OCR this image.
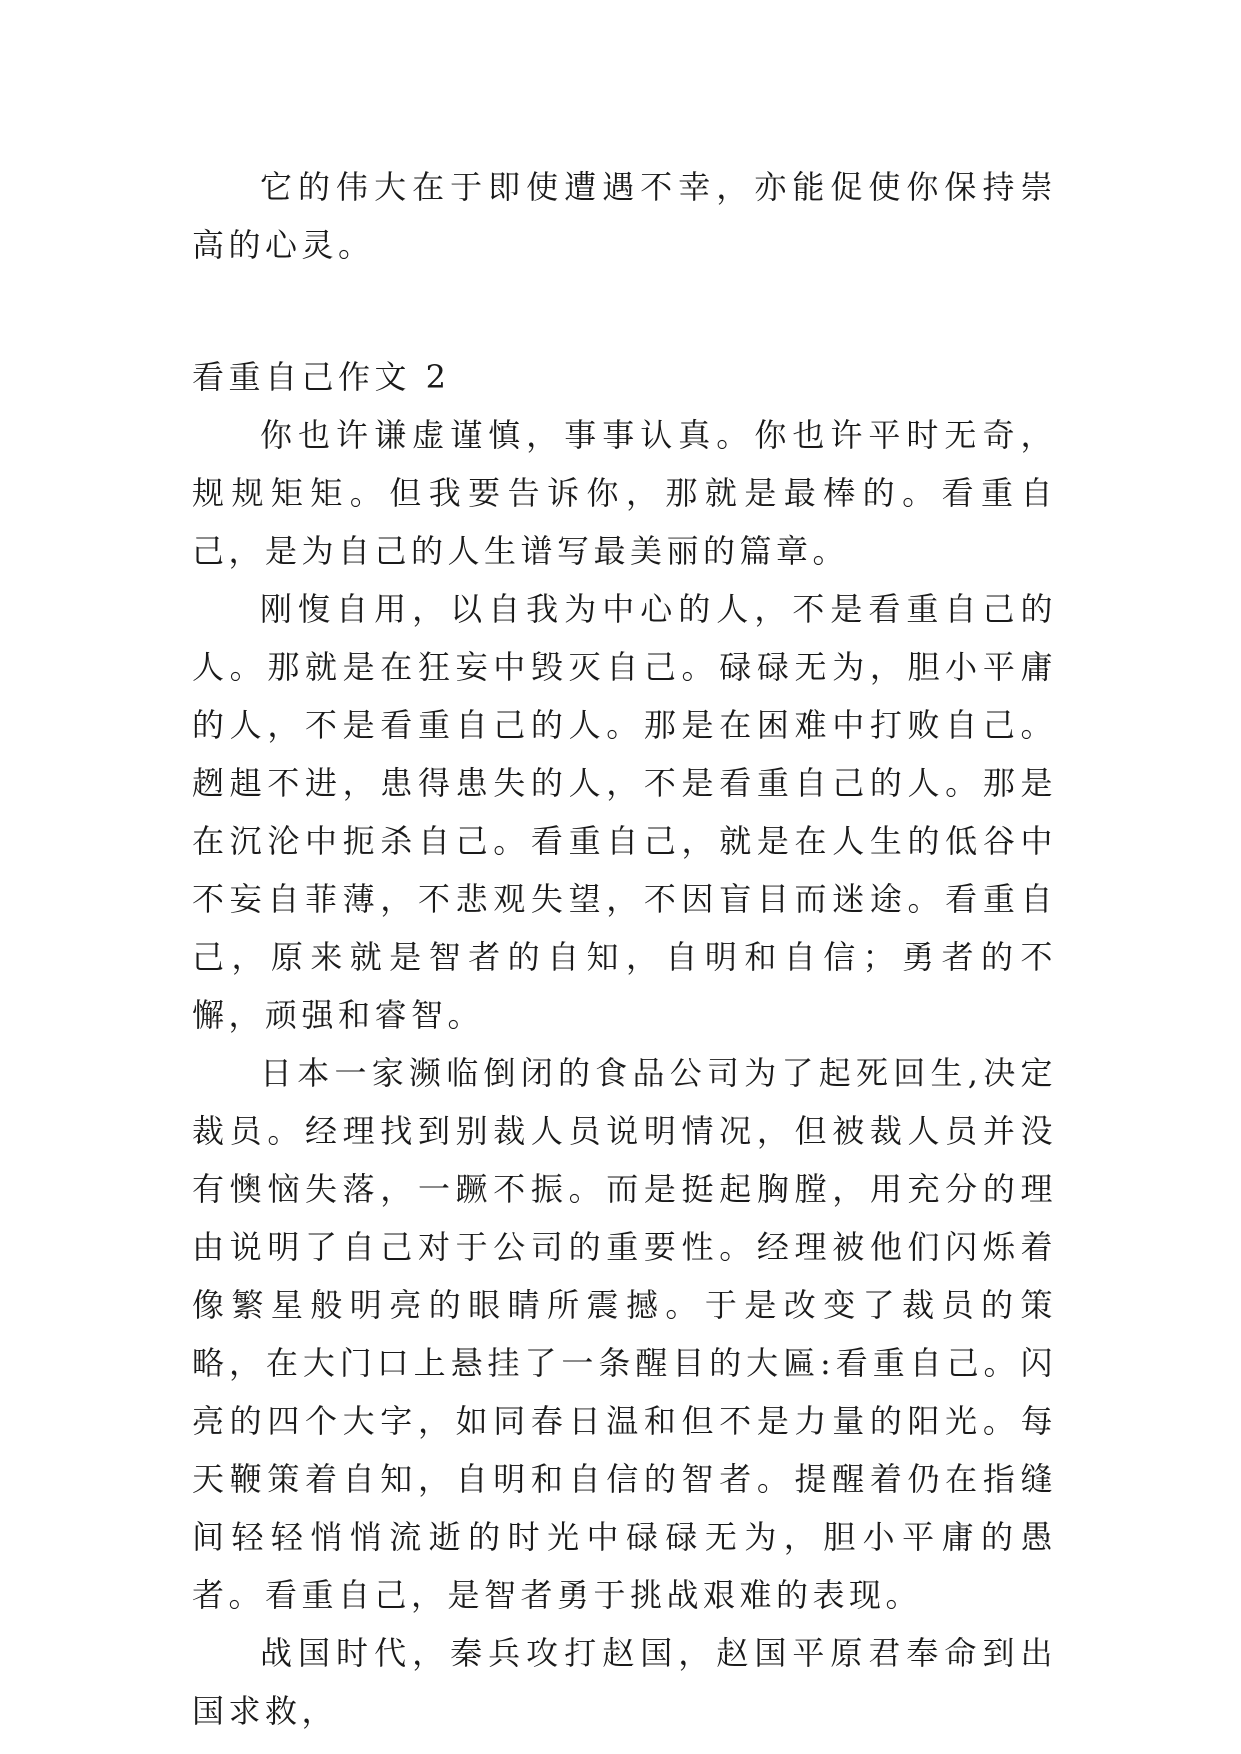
它的伟大在于即使遭遇不幸，亦能促使你保持崇高的心灵。

看重自己作文 2

你也许谦虚谨慎，事事认真。你也许平时无奇，规规矩矩。但我要告诉你，那就是最棒的。看重自己，是为自己的人生谱写最美丽的篇章。

刚愎自用，以自我为中心的人，不是看重自己的人。那就是在狂妄中毁灭自己。碌碌无为，胆小平庸的人，不是看重自己的人。那是在困难中打败自己。趔趄不进，患得患失的人，不是看重自己的人。那是在沉沦中扼杀自己。看重自己，就是在人生的低谷中不妄自菲薄，不悲观失望，不因盲目而迷途。看重自己，原来就是智者的自知，自明和自信；勇者的不懈，顽强和睿智。

日本一家濒临倒闭的食品公司为了起死回生,决定裁员。经理找到别裁人员说明情况，但被裁人员并没有懊恼失落，一蹶不振。而是挺起胸膛，用充分的理由说明了自己对于公司的重要性。经理被他们闪烁着像繁星般明亮的眼睛所震撼。于是改变了裁员的策略，在大门口上悬挂了一条醒目的大匾:看重自己。闪亮的四个大字，如同春日温和但不是力量的阳光。每天鞭策着自知，自明和自信的智者。提醒着仍在指缝间轻轻悄悄流逝的时光中碌碌无为，胆小平庸的愚者。看重自己，是智者勇于挑战艰难的表现。

战国时代，秦兵攻打赵国，赵国平原君奉命到出国求救，
